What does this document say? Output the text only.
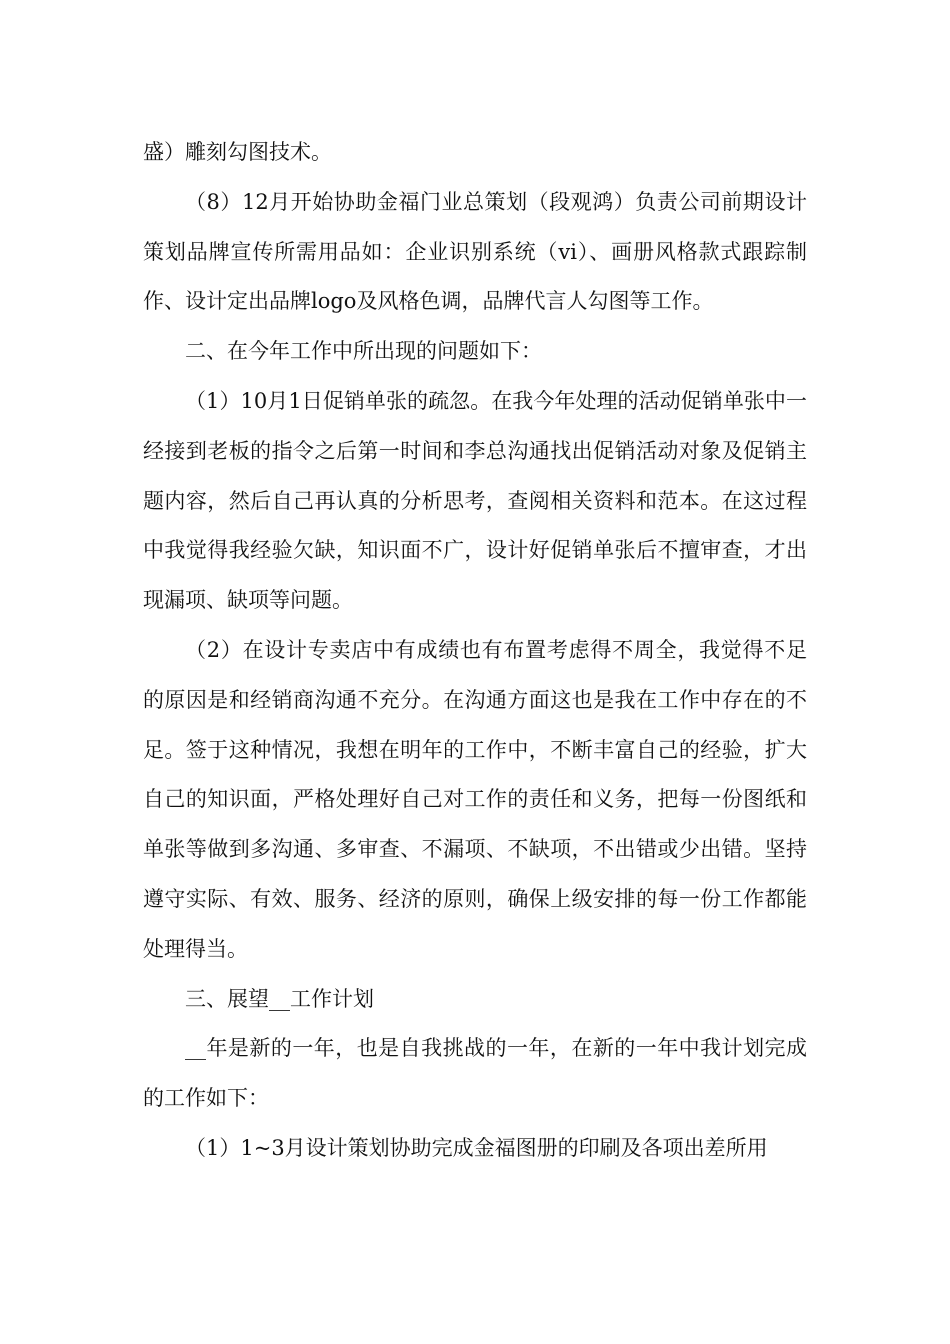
盛）雕刻勾图技术。

（8）12月开始协助金福门业总策划（段观鸿）负责公司前期设计策划品牌宣传所需用品如：企业识别系统（vi）、画册风格款式跟踪制作、设计定出品牌logo及风格色调，品牌代言人勾图等工作。

二、在今年工作中所出现的问题如下：

（1）10月1日促销单张的疏忽。在我今年处理的活动促销单张中一经接到老板的指令之后第一时间和李总沟通找出促销活动对象及促销主题内容，然后自己再认真的分析思考，查阅相关资料和范本。在这过程中我觉得我经验欠缺，知识面不广，设计好促销单张后不擅审查，才出现漏项、缺项等问题。

（2）在设计专卖店中有成绩也有布置考虑得不周全，我觉得不足的原因是和经销商沟通不充分。在沟通方面这也是我在工作中存在的不足。签于这种情况，我想在明年的工作中，不断丰富自己的经验，扩大自己的知识面，严格处理好自己对工作的责任和义务，把每一份图纸和单张等做到多沟通、多审查、不漏项、不缺项，不出错或少出错。坚持遵守实际、有效、服务、经济的原则，确保上级安排的每一份工作都能处理得当。

三、展望__工作计划

__年是新的一年，也是自我挑战的一年，在新的一年中我计划完成的工作如下：

（1）1~3月设计策划协助完成金福图册的印刷及各项出差所用
